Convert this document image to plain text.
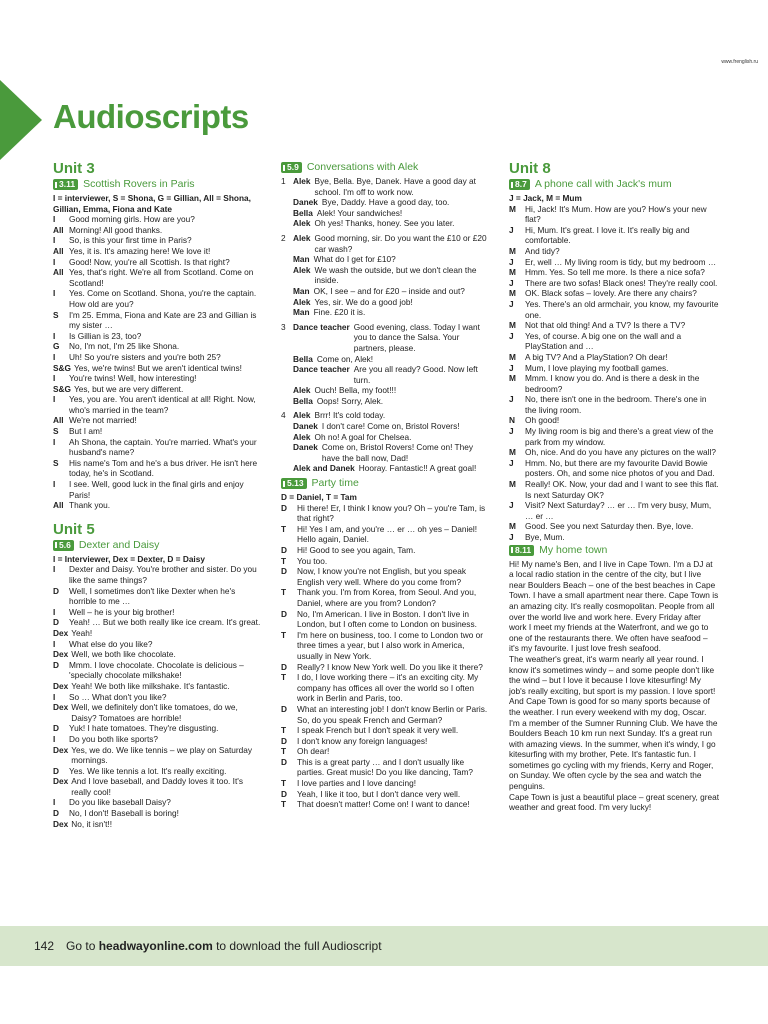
www.frenglish.ru
Audioscripts
Unit 3
3.11 Scottish Rovers in Paris
I = interviewer, S = Shona, G = Gillian, All = Shona, Gillian, Emma, Fiona and Kate
I	Good morning girls. How are you?
All Morning! All good thanks.
I	So, is this your first time in Paris?
All Yes, it is. It's amazing here! We love it!
I	Good! Now, you're all Scottish. Is that right?
All Yes, that's right. We're all from Scotland. Come on Scotland!
I	Yes. Come on Scotland. Shona, you're the captain. How old are you?
S	I'm 25. Emma, Fiona and Kate are 23 and Gillian is my sister …
I	Is Gillian is 23, too?
G	No, I'm not, I'm 25 like Shona.
I	Uh! So you're sisters and you're both 25?
S&G Yes, we're twins! But we aren't identical twins!
I	You're twins! Well, how interesting!
S&G Yes, but we are very different.
I	Yes, you are. You aren't identical at all! Right. Now, who's married in the team?
All We're not married!
S	But I am!
I	Ah Shona, the captain. You're married. What's your husband's name?
S	His name's Tom and he's a bus driver. He isn't here today, he's in Scotland.
I	I see. Well, good luck in the final girls and enjoy Paris!
All Thank you.
Unit 5
5.6 Dexter and Daisy
I = Interviewer, Dex = Dexter, D = Daisy
I	Dexter and Daisy. You're brother and sister. Do you like the same things?
D	Well, I sometimes don't like Dexter when he's horrible to me …
I	Well – he is your big brother!
D	Yeah! … But we both really like ice cream. It's great.
Dex Yeah!
I	What else do you like?
Dex Well, we both like chocolate.
D	Mmm. I love chocolate. Chocolate is delicious – 'specially chocolate milkshake!
Dex Yeah! We both like milkshake. It's fantastic.
I	So … What don't you like?
Dex Well, we definitely don't like tomatoes, do we, Daisy? Tomatoes are horrible!
D	Yuk! I hate tomatoes. They're disgusting.
I	Do you both like sports?
Dex Yes, we do. We like tennis – we play on Saturday mornings.
D	Yes. We like tennis a lot. It's really exciting.
Dex And I love baseball, and Daddy loves it too. It's really cool!
I	Do you like baseball Daisy?
D	No, I don't! Baseball is boring!
Dex No, it isn't!!
5.9 Conversations with Alek
1 Alek Bye, Bella. Bye, Danek. Have a good day at school. I'm off to work now.
Danek Bye, Daddy. Have a good day, too.
Bella Alek! Your sandwiches!
Alek Oh yes! Thanks, honey. See you later.
2 Alek Good morning, sir. Do you want the £10 or £20 car wash?
Man What do I get for £10?
Alek We wash the outside, but we don't clean the inside.
Man OK, I see – and for £20 – inside and out?
Alek Yes, sir. We do a good job!
Man Fine. £20 it is.
3 Dance teacher Good evening, class. Today I want you to dance the Salsa. Your partners, please.
Bella Come on, Alek!
Dance teacher Are you all ready? Good. Now left turn.
Alek Ouch! Bella, my foot!!!
Bella Oops! Sorry, Alek.
4 Alek Brrr! It's cold today.
Danek I don't care! Come on, Bristol Rovers!
Alek Oh no! A goal for Chelsea.
Danek Come on, Bristol Rovers! Come on! They have the ball now, Dad!
Alek and Danek Hooray. Fantastic!! A great goal!
5.13 Party time
D = Daniel, T = Tam
D	Hi there! Er, I think I know you? Oh – you're Tam, is that right?
T	Hi! Yes I am, and you're … er … oh yes – Daniel! Hello again, Daniel.
D	Hi! Good to see you again, Tam.
T	You too.
D	Now, I know you're not English, but you speak English very well. Where do you come from?
T	Thank you. I'm from Korea, from Seoul. And you, Daniel, where are you from? London?
D	No, I'm American. I live in Boston. I don't live in London, but I often come to London on business.
T	I'm here on business, too. I come to London two or three times a year, but I also work in America, usually in New York.
D	Really? I know New York well. Do you like it there?
T	I do, I love working there – it's an exciting city. My company has offices all over the world so I often work in Berlin and Paris, too.
D	What an interesting job! I don't know Berlin or Paris. So, do you speak French and German?
T	I speak French but I don't speak it very well.
D	I don't know any foreign languages!
T	Oh dear!
D	This is a great party … and I don't usually like parties. Great music! Do you like dancing, Tam?
T	I love parties and I love dancing!
D	Yeah, I like it too, but I don't dance very well.
T	That doesn't matter! Come on! I want to dance!
Unit 8
8.7 A phone call with Jack's mum
J = Jack, M = Mum
M	Hi, Jack! It's Mum. How are you? How's your new flat?
J	Hi, Mum. It's great. I love it. It's really big and comfortable.
M	And tidy?
J	Er, well … My living room is tidy, but my bedroom …
M	Hmm. Yes. So tell me more. Is there a nice sofa?
J	There are two sofas! Black ones! They're really cool.
M	OK. Black sofas – lovely. Are there any chairs?
J	Yes. There's an old armchair, you know, my favourite one.
M	Not that old thing! And a TV? Is there a TV?
J	Yes, of course. A big one on the wall and a PlayStation and …
M	A big TV? And a PlayStation? Oh dear!
J	Mum, I love playing my football games.
M	Mmm. I know you do. And is there a desk in the bedroom?
J	No, there isn't one in the bedroom. There's one in the living room.
N	Oh good!
J	My living room is big and there's a great view of the park from my window.
M	Oh, nice. And do you have any pictures on the wall?
J	Hmm. No, but there are my favourite David Bowie posters. Oh, and some nice photos of you and Dad.
M	Really! OK. Now, your dad and I want to see this flat. Is next Saturday OK?
J	Visit? Next Saturday? … er … I'm very busy, Mum, … er …
M	Good. See you next Saturday then. Bye, love.
J	Bye, Mum.
8.11 My home town

Hi! My name's Ben, and I live in Cape Town. I'm a DJ at a local radio station in the centre of the city, but I live near Boulders Beach – one of the best beaches in Cape Town. I have a small apartment near there. Cape Town is an amazing city. It's really cosmopolitan. People from all over the world live and work here. Every Friday after work I meet my friends at the Waterfront, and we go to one of the restaurants there. We often have seafood – it's my favourite. I just love fresh seafood.

The weather's great, it's warm nearly all year round. I know it's sometimes windy – and some people don't like the wind – but I love it because I love kitesurfing! My job's really exciting, but sport is my passion. I love sport! And Cape Town is good for so many sports because of the weather. I run every weekend with my dog, Oscar. I'm a member of the Sumner Running Club. We have the Boulders Beach 10 km run next Sunday. It's a great run with amazing views. In the summer, when it's windy, I go kitesurfing with my brother, Pete. It's fantastic fun. I sometimes go cycling with my friends, Kerry and Roger, on Sunday. We often cycle by the sea and watch the penguins.

Cape Town is just a beautiful place – great scenery, great weather and great food. I'm very lucky!

142 Go to headwayonline.com to download the full Audioscript
